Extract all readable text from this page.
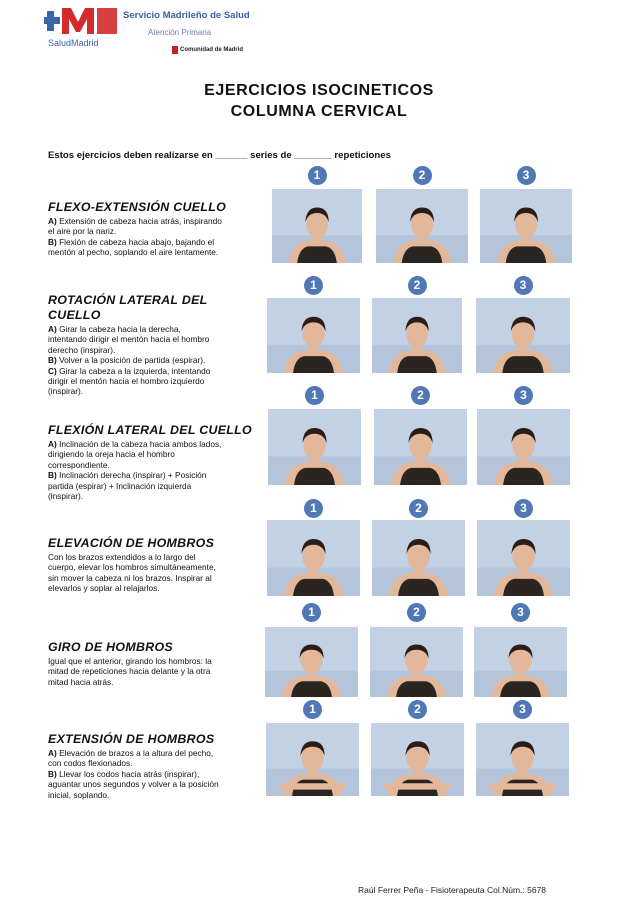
Servicio Madrileño de Salud
Atención Primaria
SaludMadrid
Comunidad de Madrid
EJERCICIOS ISOCINETICOS
COLUMNA CERVICAL
Estos ejercicios deben realizarse en ______ series de _______ repeticiones
FLEXO-EXTENSIÓN CUELLO
A) Extensión de cabeza hacia atrás, inspirando
el aire por la nariz.
B) Flexión de cabeza hacia abajo, bajando el
mentón al pecho, soplando el aire lentamente.
ROTACIÓN LATERAL DEL CUELLO
A) Girar la cabeza hacia la derecha,
intentando dirigir el mentón hacia el hombro
derecho (inspirar).
B) Volver a la posición de partida (espirar).
C) Girar la cabeza a la izquierda, intentando
dirigir el mentón hacia el hombro izquierdo
(inspirar).
FLEXIÓN LATERAL DEL CUELLO
A) Inclinación de la cabeza hacia ambos lados,
dirigiendo la oreja hacia el hombro
correspondiente.
B) Inclinación derecha (inspirar) + Posición
partida (espirar) + Inclinación izquierda
(inspirar).
ELEVACIÓN DE HOMBROS
Con los brazos extendidos a lo largo del
cuerpo, elevar los hombros simultáneamente,
sin mover la cabeza ni los brazos. Inspirar al
elevarlos y soplar al relajarlos.
GIRO DE HOMBROS
Igual que el anterior, girando los hombros: la
mitad de repeticiones hacia delante y la otra
mitad hacia atrás.
EXTENSIÓN DE HOMBROS
A) Elevación de brazos a la altura del pecho,
con codos flexionados.
B) Llevar los codos hacia atrás (inspirar),
aguantar unos segundos y volver a la posición
inicial, soplando.
1	2	3
1	2	3
1	2	3
1	2	3
1	2	3
1	2	3
Raúl Ferrer Peña - Fisioterapeuta Col.Núm.: 5678
